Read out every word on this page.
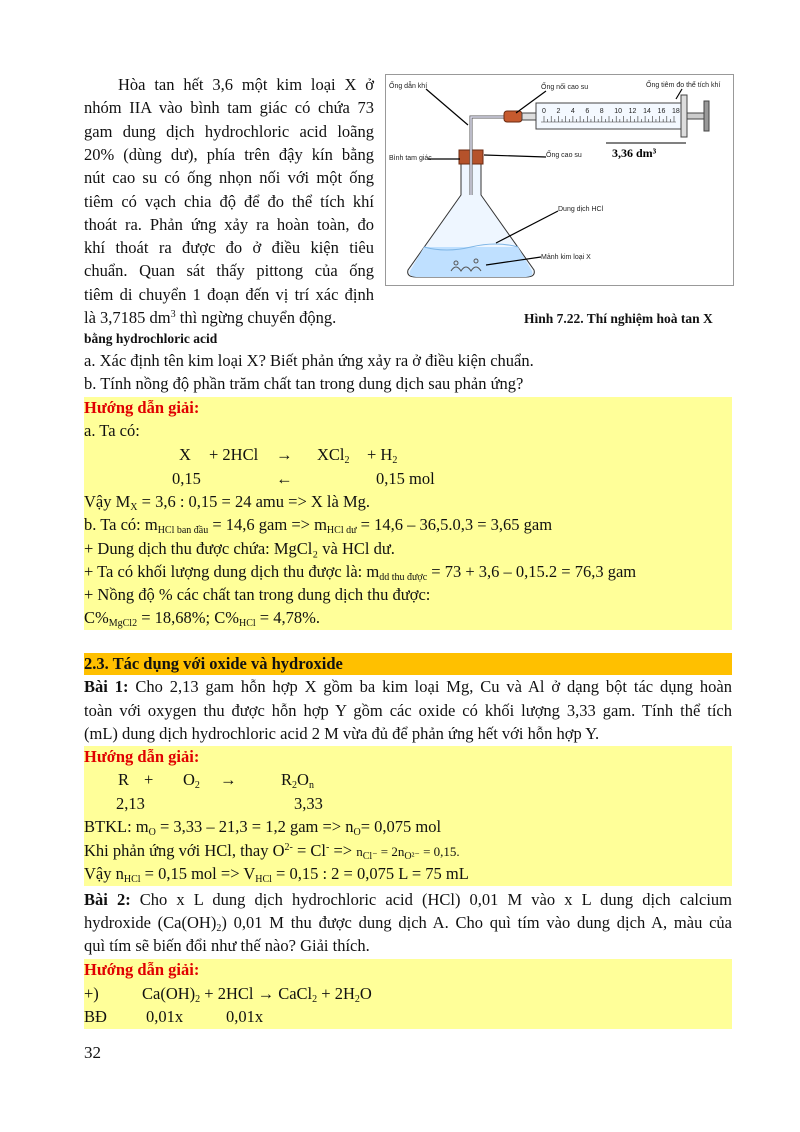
0 2 4 6 8 10 12 14 16 18
Ống dẫn khí	Ống nối cao su	Ống tiêm đo thể tích khí
Bình tam giác	Ống cao su
Dung dịch HCl
Mảnh kim loại X
3,36 dm³
Hòa tan hết 3,6 một kim loại X ở
nhóm IIA vào bình tam giác có chứa 73
gam dung dịch hydrochloric acid loãng
20% (dùng dư), phía trên đậy kín bằng
nút cao su có ống nhọn nối với một ống
tiêm có vạch chia độ để đo thể tích khí
thoát ra. Phản ứng xảy ra hoàn toàn, đo
khí thoát ra được đo ở điều kiện tiêu
chuẩn. Quan sát thấy pittong của ống
tiêm di chuyển 1 đoạn đến vị trí xác định
là 3,7185 $dm^3$ thì ngừng chuyển động.	Hình 7.22. Thí nghiệm hoà tan X
bằng hydrochloric acid
a. Xác định tên kim loại X? Biết phản ứng xảy ra ở điều kiện chuẩn.
b. Tính nồng độ phần trăm chất tan trong dung dịch sau phản ứng?
Hướng dẫn giải:
a. Ta có:
$X + 2HCl \to XCl_2 + H_2$
0,15	←	0,15 mol
Vậy $M_X = 3,6$ : 0,15 = 24 amu => X là Mg.
b. Ta có: $m_{HCl ban đầu} = 14,6$ gam => $m_{HCl dư} = 14,6 - 36,5.0,3 = 3,65$ gam
+ Dung dịch thu được chứa: MgCl₂ và HCl dư.
+ Ta có khối lượng dung dịch thu được là: $m_{dd thu được} = 73 + 3,6 - 0,15.2 = 76,3$ gam
+ Nồng độ % các chất tan trong dung dịch thu được:
$C\%_{MgCl2} = 18,68\%$; $C\%_{HCl} = 4,78\%$.
2.3. Tác dụng với oxide và hydroxide
Bài 1: Cho 2,13 gam hỗn hợp X gồm ba kim loại Mg, Cu và Al ở dạng bột tác dụng hoàn
toàn với oxygen thu được hỗn hợp Y gồm các oxide có khối lượng 3,33 gam. Tính thể tích
(mL) dung dịch hydrochloric acid 2 M vừa đủ để phản ứng hết với hỗn hợp Y.
Hướng dẫn giải:
$R + O_2$ →	$R_2O_n$
2,13	3,33
BTKL: $m_O = 3,33 - 21,3 = 1,2$ gam => $n_O= 0,075$ mol
Khi phản ứng với HCl, thay $O^{2-} = Cl^- => n_{Cl^-} = 2n_{O^{2-}} = 0,15$.
Vậy $n_{HCl} = 0,15$ mol => $V_{HCl} = 0,15$ : 2 = 0,075 L = 75 mL
Bài 2: Cho x L dung dịch hydrochloric acid (HCl) 0,01 M vào x L dung dịch calcium
hydroxide $(Ca(OH)_2)$ 0,01 M thu được dung dịch A. Cho quì tím vào dung dịch A, màu của
quì tím sẽ biến đổi như thế nào? Giải thích.
Hướng dẫn giải:
+)	$Ca(OH)_2 + 2HCl$ → CaCl$_2$ + $2H_2O$
BĐ 0,01x	0,01x
32
